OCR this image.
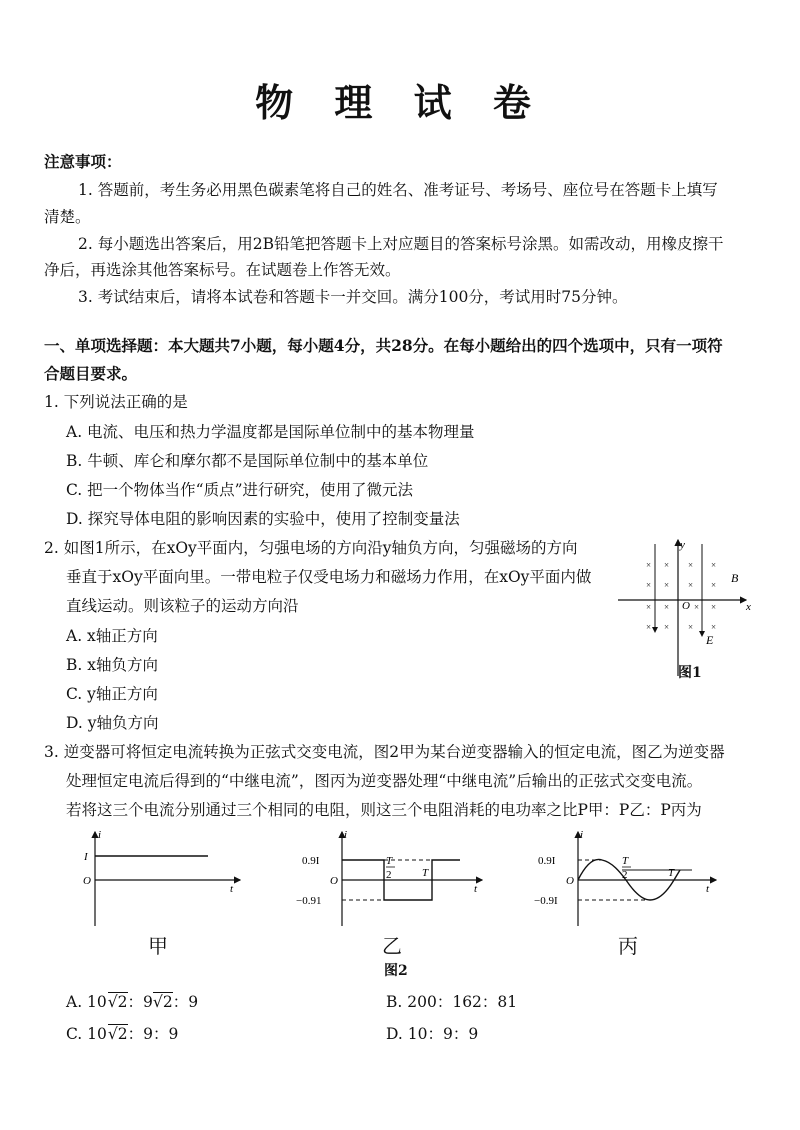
物 理 试 卷
注意事项：
1. 答题前，考生务必用黑色碳素笔将自己的姓名、准考证号、考场号、座位号在答题卡上填写
清楚。
2. 每小题选出答案后，用2B铅笔把答题卡上对应题目的答案标号涂黑。如需改动，用橡皮擦干
净后，再选涂其他答案标号。在试题卷上作答无效。
3. 考试结束后，请将本试卷和答题卡一并交回。满分100分，考试用时75分钟。
一、单项选择题：本大题共7小题，每小题4分，共28分。在每小题给出的四个选项中，只有一项符
合题目要求。
1. 下列说法正确的是
A. 电流、电压和热力学温度都是国际单位制中的基本物理量
B. 牛顿、库仑和摩尔都不是国际单位制中的基本单位
C. 把一个物体当作“质点”进行研究，使用了微元法
D. 探究导体电阻的影响因素的实验中，使用了控制变量法
2. 如图1所示，在xOy平面内，匀强电场的方向沿y轴负方向，匀强磁场的方向
垂直于xOy平面向里。一带电粒子仅受电场力和磁场力作用，在xOy平面内做
直线运动。则该粒子的运动方向沿
A. x轴正方向
B. x轴负方向
C. y轴正方向
D. y轴负方向
y
x
O
B
E
× × × ×
× × × ×
× ×	× ×
× × × ×
图1
3. 逆变器可将恒定电流转换为正弦式交变电流，图2甲为某台逆变器输入的恒定电流，图乙为逆变器
处理恒定电流后得到的“中继电流”，图丙为逆变器处理“中继电流”后输出的正弦式交变电流。
若将这三个电流分别通过三个相同的电阻，则这三个电阻消耗的电功率之比P甲：P乙：P丙为
i
t
O
I
甲
i
t
O
0.9I
−0.91
T
2	T
乙
i
t
O
0.9I
−0.9I
T
2	T
丙
图2
A. 10√2：9√2：9	B. 200：162：81
C. 10√2：9：9	D. 10：9：9
